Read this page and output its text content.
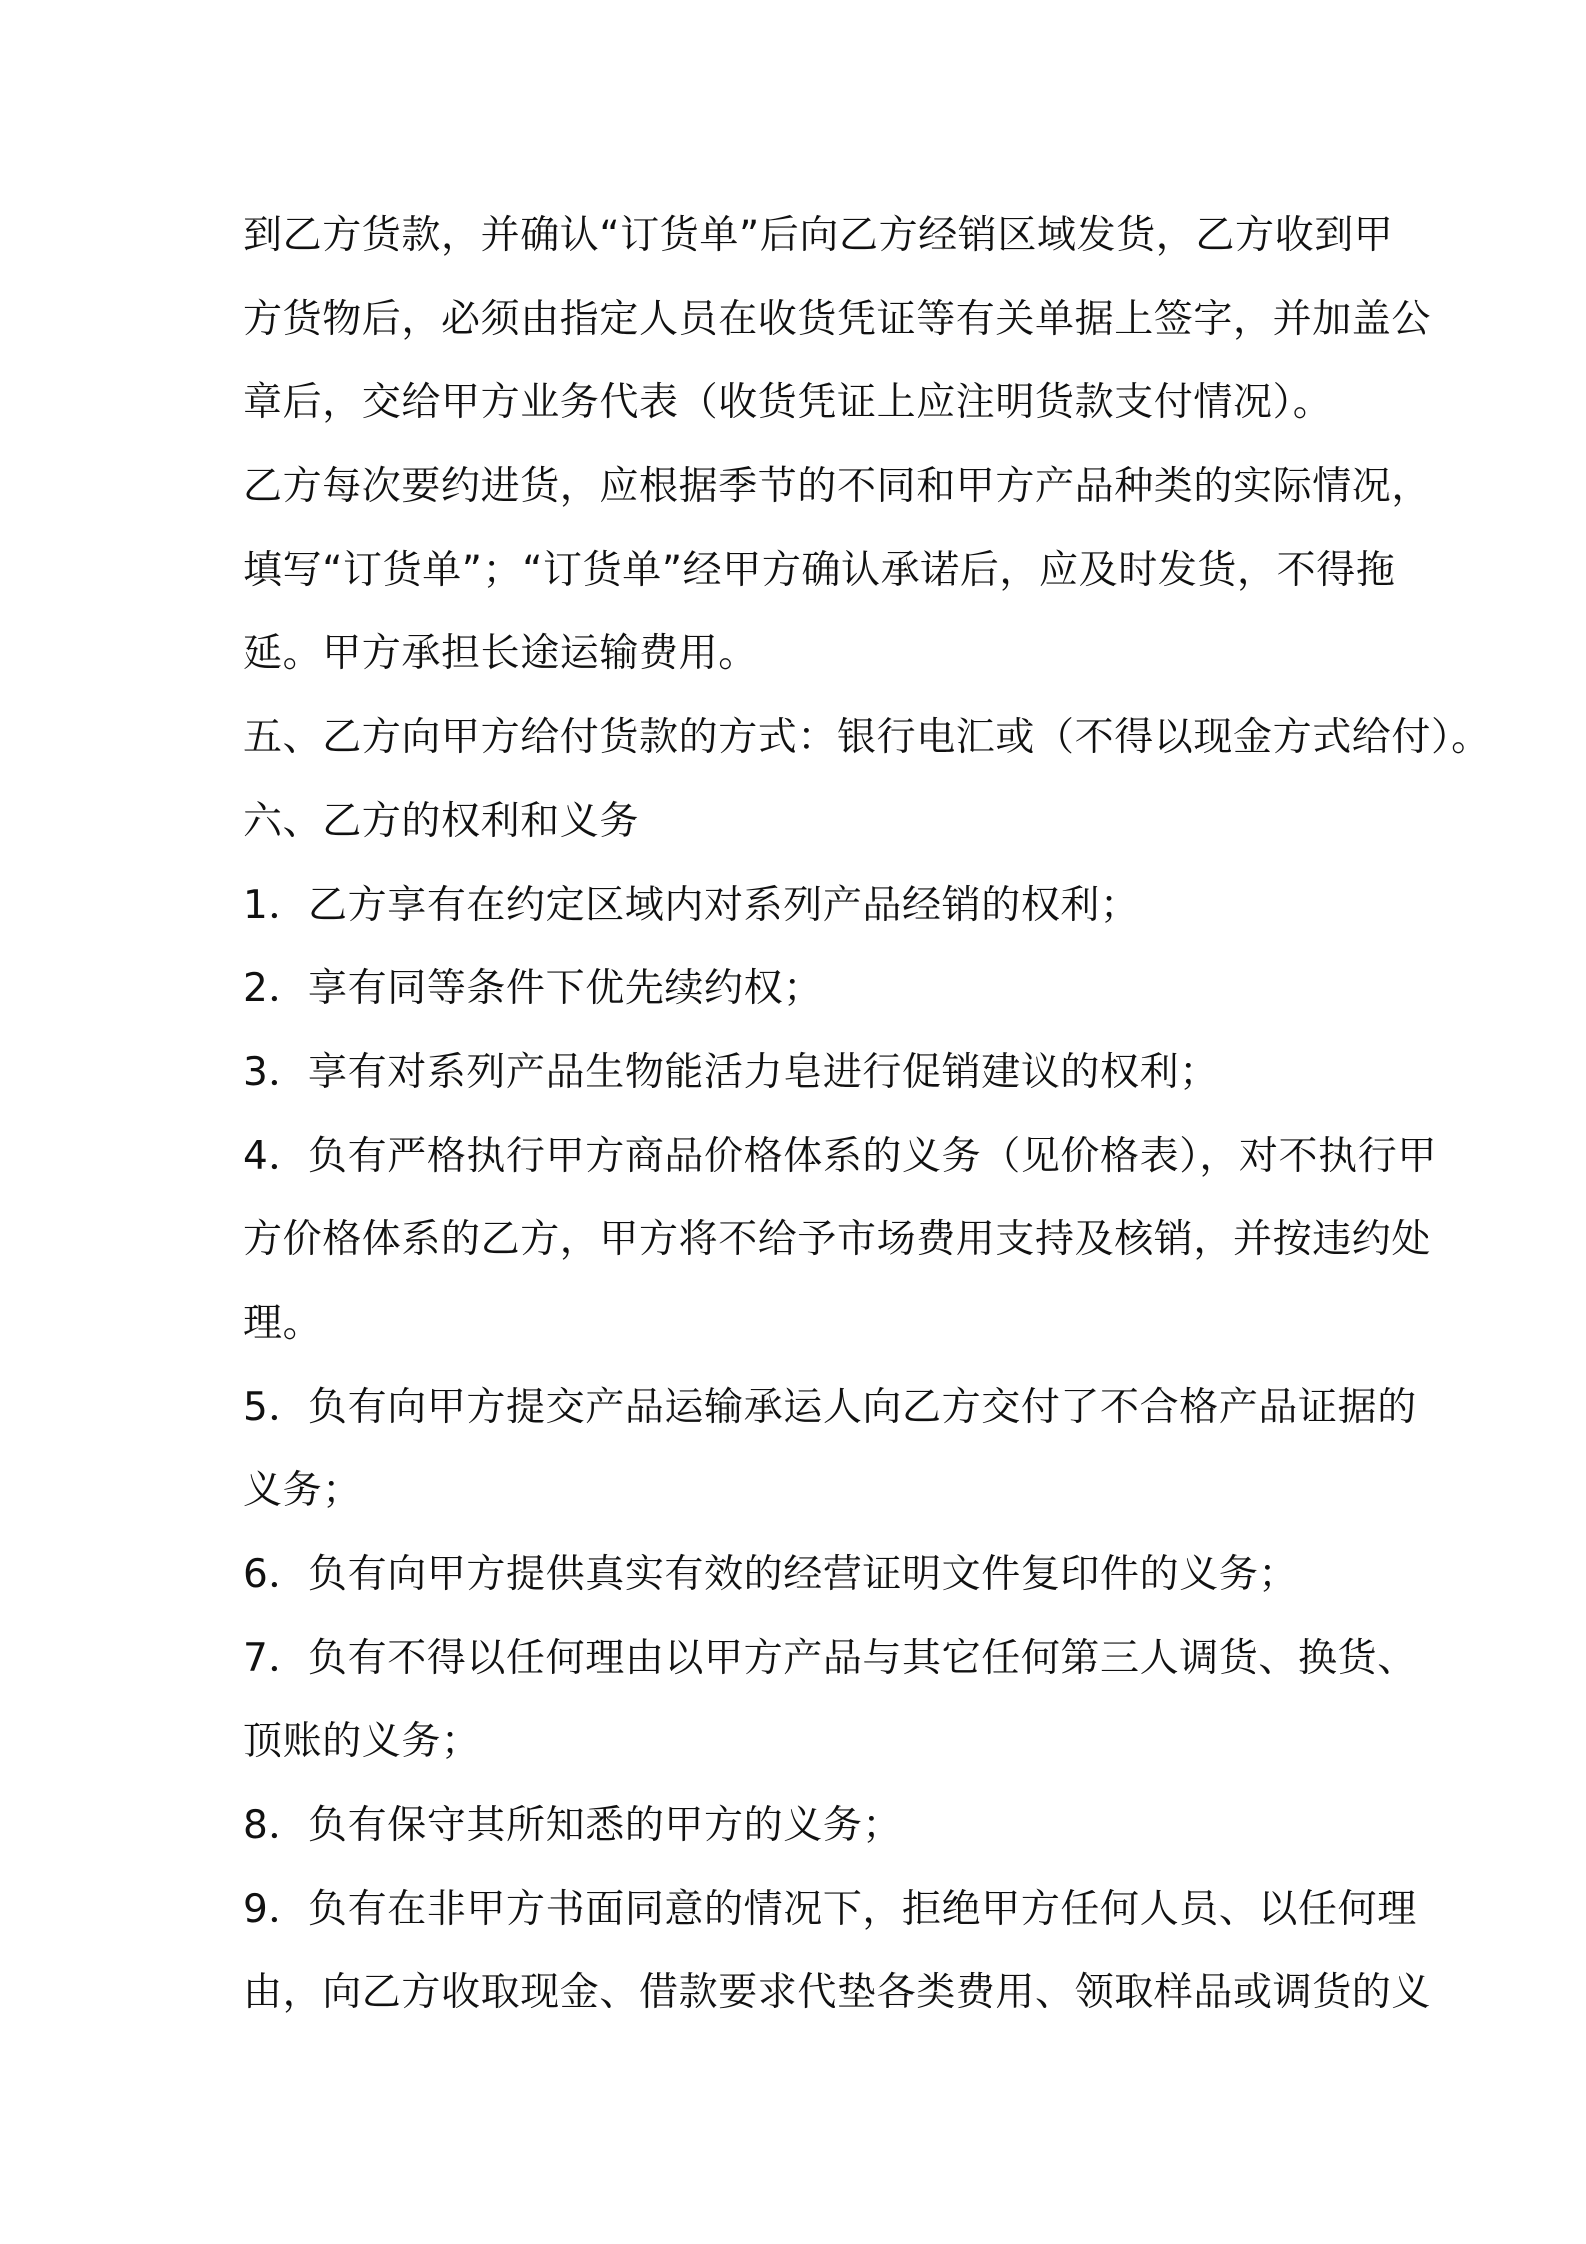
到乙方货款，并确认“订货单”后向乙方经销区域发货，乙方收到甲
方货物后，必须由指定人员在收货凭证等有关单据上签字，并加盖公
章后，交给甲方业务代表（收货凭证上应注明货款支付情况）。
乙方每次要约进货，应根据季节的不同和甲方产品种类的实际情况，
填写“订货单”；“订货单”经甲方确认承诺后，应及时发货，不得拖
延。甲方承担长途运输费用。
五、乙方向甲方给付货款的方式：银行电汇或（不得以现金方式给付）。
六、乙方的权利和义务
1．乙方享有在约定区域内对系列产品经销的权利；
2．享有同等条件下优先续约权；
3．享有对系列产品生物能活力皂进行促销建议的权利；
4．负有严格执行甲方商品价格体系的义务（见价格表），对不执行甲
方价格体系的乙方，甲方将不给予市场费用支持及核销，并按违约处
理。
5．负有向甲方提交产品运输承运人向乙方交付了不合格产品证据的
义务；
6．负有向甲方提供真实有效的经营证明文件复印件的义务；
7．负有不得以任何理由以甲方产品与其它任何第三人调货、换货、
顶账的义务；
8．负有保守其所知悉的甲方的义务；
9．负有在非甲方书面同意的情况下，拒绝甲方任何人员、以任何理
由，向乙方收取现金、借款要求代垫各类费用、领取样品或调货的义
